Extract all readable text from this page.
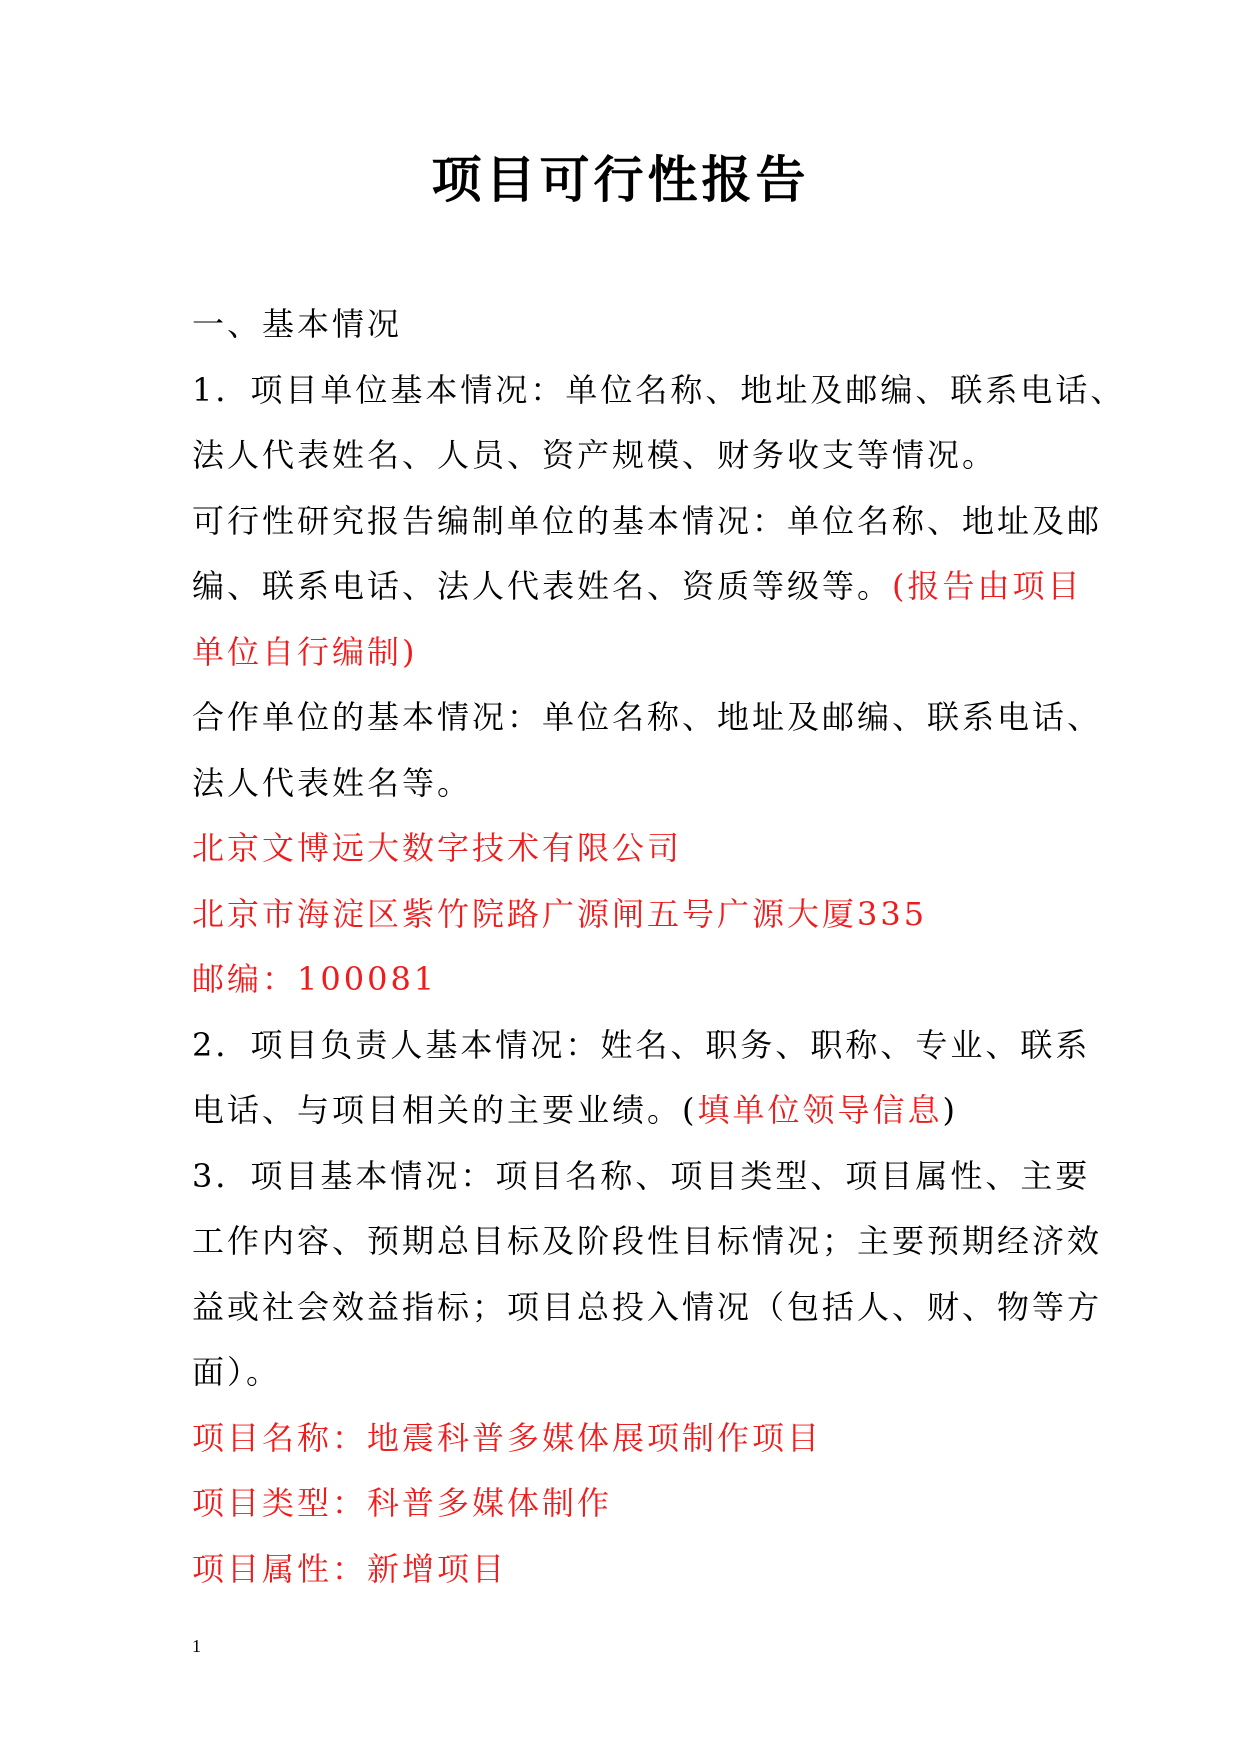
项目可行性报告
一、基本情况
1．项目单位基本情况：单位名称、地址及邮编、联系电话、
法人代表姓名、人员、资产规模、财务收支等情况。
可行性研究报告编制单位的基本情况：单位名称、地址及邮
编、联系电话、法人代表姓名、资质等级等。(报告由项目
单位自行编制)
合作单位的基本情况：单位名称、地址及邮编、联系电话、
法人代表姓名等。
北京文博远大数字技术有限公司
北京市海淀区紫竹院路广源闸五号广源大厦335
邮编：100081
2．项目负责人基本情况：姓名、职务、职称、专业、联系
电话、与项目相关的主要业绩。(填单位领导信息)
3．项目基本情况：项目名称、项目类型、项目属性、主要
工作内容、预期总目标及阶段性目标情况；主要预期经济效
益或社会效益指标；项目总投入情况（包括人、财、物等方
面）。
项目名称：地震科普多媒体展项制作项目
项目类型：科普多媒体制作
项目属性：新增项目
1
